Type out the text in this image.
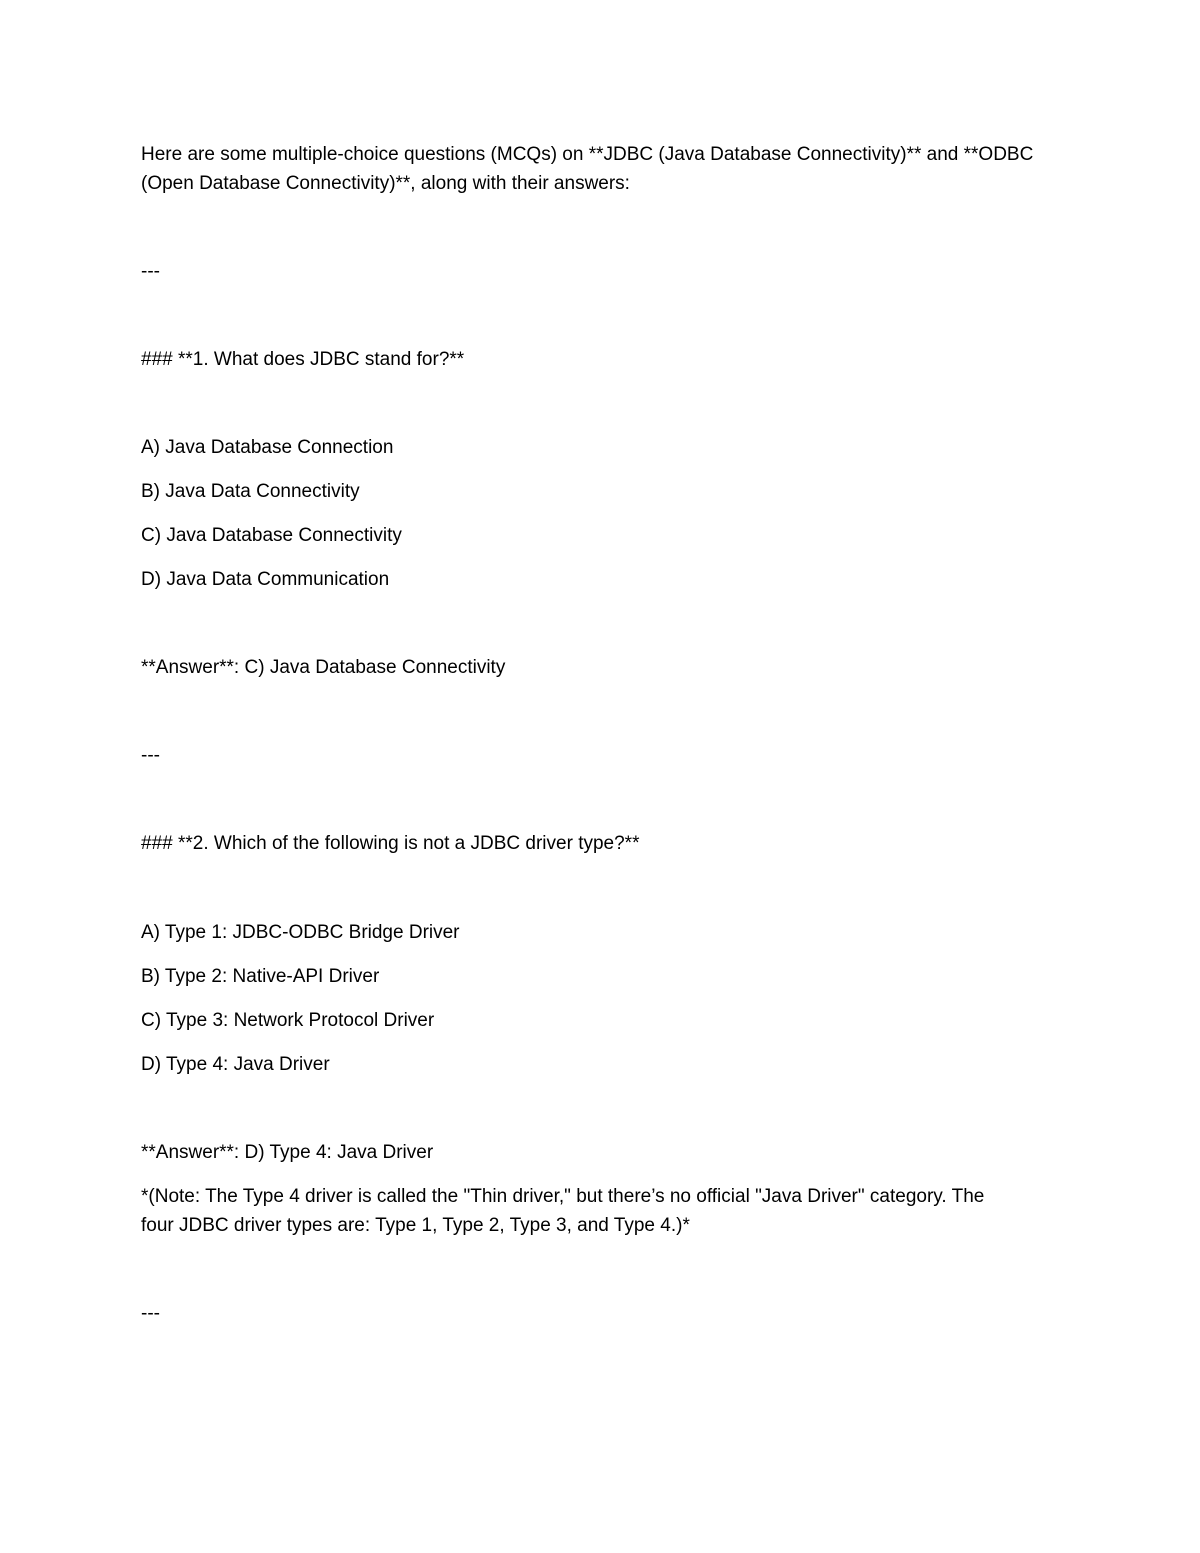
Here are some multiple-choice questions (MCQs) on **JDBC (Java Database Connectivity)** and **ODBC

(Open Database Connectivity)**, along with their answers:

---

### **1. What does JDBC stand for?**

A) Java Database Connection

B) Java Data Connectivity

C) Java Database Connectivity

D) Java Data Communication

**Answer**: C) Java Database Connectivity

---

### **2. Which of the following is not a JDBC driver type?**

A) Type 1: JDBC-ODBC Bridge Driver

B) Type 2: Native-API Driver

C) Type 3: Network Protocol Driver

D) Type 4: Java Driver

**Answer**: D) Type 4: Java Driver

*(Note: The Type 4 driver is called the "Thin driver," but there’s no official "Java Driver" category. The

four JDBC driver types are: Type 1, Type 2, Type 3, and Type 4.)*

---
